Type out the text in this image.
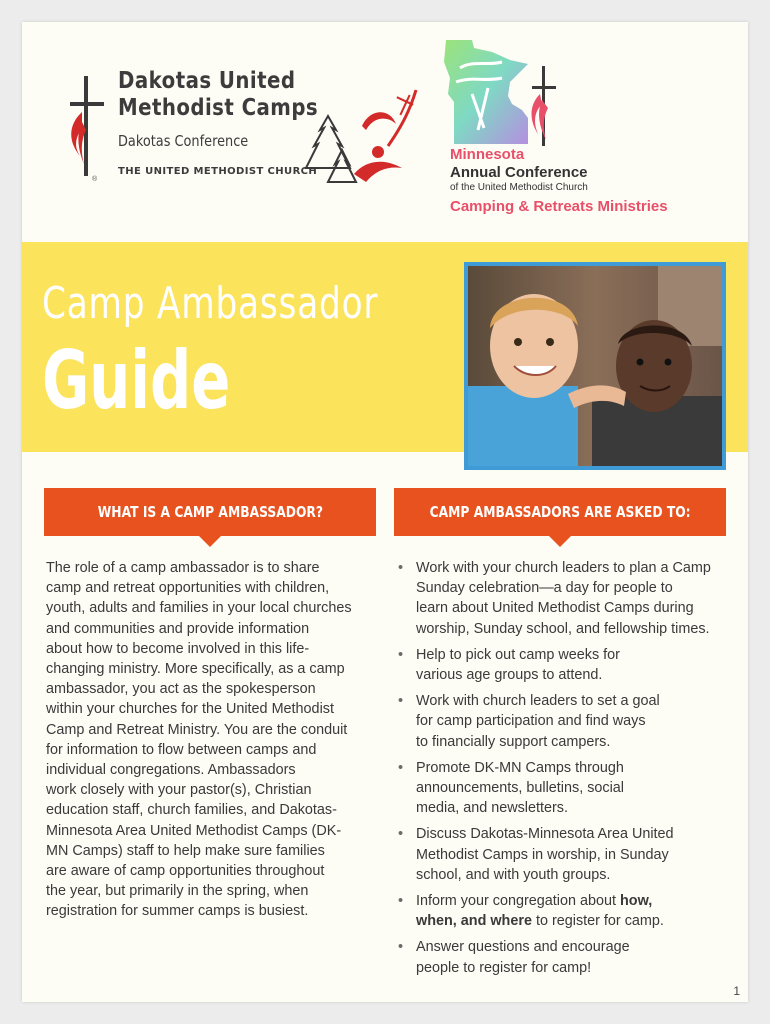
®
Dakotas United
Methodist Camps
Dakotas Conference
THE UNITED METHODIST CHURCH
Minnesota
Annual Conference
of the United Methodist Church
Camping & Retreats Ministries
Camp Ambassador
Guide
WHAT IS A CAMP AMBASSADOR?	CAMP AMBASSADORS ARE ASKED TO:
The role of a camp ambassador is to share
camp and retreat opportunities with children,
youth, adults and families in your local churches
and communities and provide information
about how to become involved in this life-
changing ministry. More specifically, as a camp
ambassador, you act as the spokesperson
within your churches for the United Methodist
Camp and Retreat Ministry. You are the conduit
for information to flow between camps and
individual congregations. Ambassadors
work closely with your pastor(s), Christian
education staff, church families, and Dakotas-
Minnesota Area United Methodist Camps (DK-
MN Camps) staff to help make sure families
are aware of camp opportunities throughout
the year, but primarily in the spring, when
registration for summer camps is busiest.
• Work with your church leaders to plan a Camp
Sunday celebration—a day for people to
learn about United Methodist Camps during
worship, Sunday school, and fellowship times.
• Help to pick out camp weeks for
various age groups to attend.
• Work with church leaders to set a goal
for camp participation and find ways
to financially support campers.
• Promote DK-MN Camps through
announcements, bulletins, social
media, and newsletters.
• Discuss Dakotas-Minnesota Area United
Methodist Camps in worship, in Sunday
school, and with youth groups.
• Inform your congregation about how,
when, and where to register for camp.
• Answer questions and encourage
people to register for camp!
1
